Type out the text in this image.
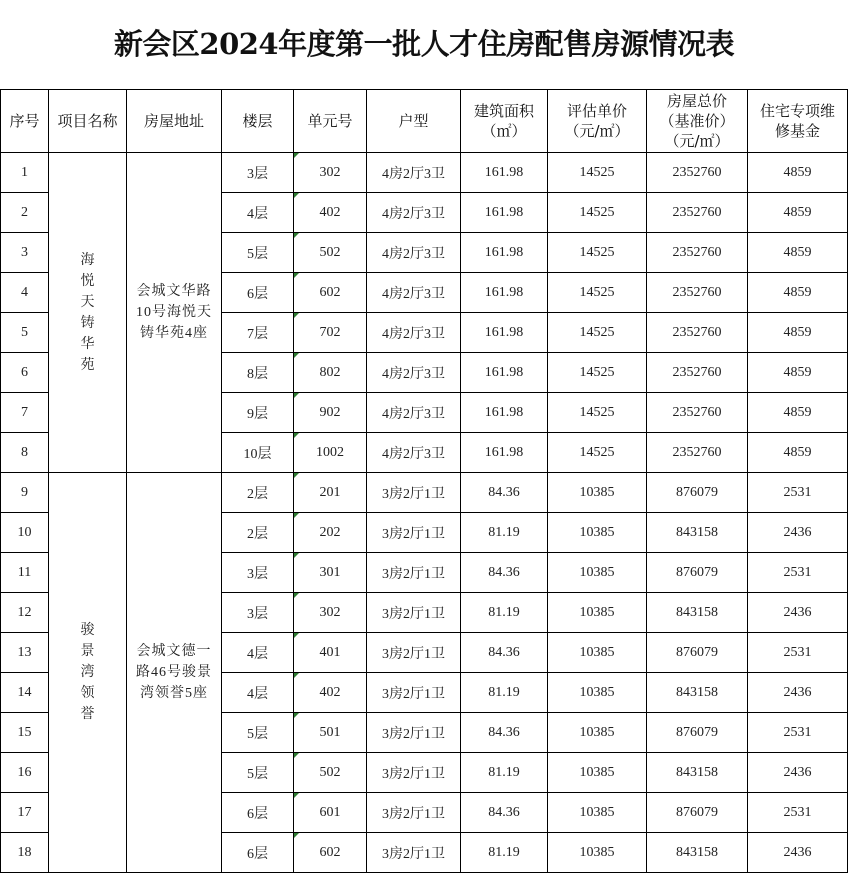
新会区2024年度第一批人才住房配售房源情况表
序号	项目名称	房屋地址	楼层	单元号	户型	建筑面积（㎡）	评估单价（元/㎡）	房屋总价（基准价）（元/㎡）	住宅专项维修基金
1	海悦天铸华苑	会城文华路10号海悦天铸华苑4座	3层	302	4房2厅3卫	161.98	14525	2352760	4859
2			4层	402	4房2厅3卫	161.98	14525	2352760	4859
3			5层	502	4房2厅3卫	161.98	14525	2352760	4859
4			6层	602	4房2厅3卫	161.98	14525	2352760	4859
5			7层	702	4房2厅3卫	161.98	14525	2352760	4859
6			8层	802	4房2厅3卫	161.98	14525	2352760	4859
7			9层	902	4房2厅3卫	161.98	14525	2352760	4859
8			10层	1002	4房2厅3卫	161.98	14525	2352760	4859
9	骏景湾领誉	会城文德一路46号骏景湾领誉5座	2层	201	3房2厅1卫	84.36	10385	876079	2531
10			2层	202	3房2厅1卫	81.19	10385	843158	2436
11			3层	301	3房2厅1卫	84.36	10385	876079	2531
12			3层	302	3房2厅1卫	81.19	10385	843158	2436
13			4层	401	3房2厅1卫	84.36	10385	876079	2531
14			4层	402	3房2厅1卫	81.19	10385	843158	2436
15			5层	501	3房2厅1卫	84.36	10385	876079	2531
16			5层	502	3房2厅1卫	81.19	10385	843158	2436
17			6层	601	3房2厅1卫	84.36	10385	876079	2531
18			6层	602	3房2厅1卫	81.19	10385	843158	2436
